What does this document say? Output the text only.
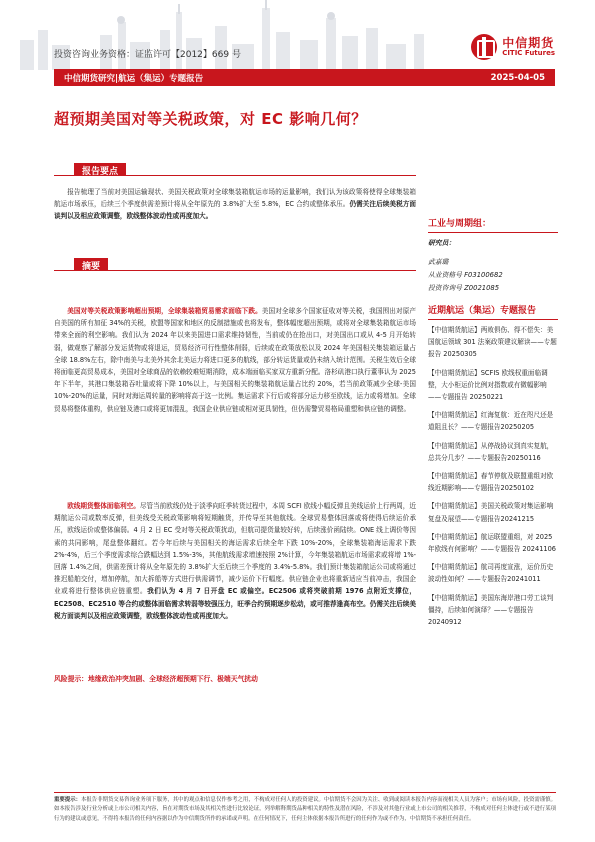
投资咨询业务资格：证监许可【2012】669 号
中信期货
CITIC Futures
中信期货研究|航运（集运）专题报告	2025-04-05
超预期美国对等关税政策，对 EC 影响几何？
报告要点

报告梳理了当前对美国运输现状、美国关税政策对全球集装箱航运市场的运量影响，我们认为该政策将使得全球集装箱航运市场承压，后续三个季度供需差预计将从全年原先的 3.8%扩大至 5.8%，EC 合约或整体承压。仍需关注后续美税方面谈判以及相应政策调整，欧线整体波动性或再度加大。

摘要

美国对等关税政策影响超出预期，全球集装箱贸易需求面临下跌。美国对全球多个国家征收对等关税，我国围出对原产自美国的所有加征 34%的关税，欧盟等国家和地区的反制措施或也将发布，整体幅度超出预期，或将对全球集装箱航运市场带来全面的利空影响。我们认为 2024 年以来美国进口需求维持韧性，当前或仍在抢出口，对美国出口或从 4-5 月开始转弱，做观察了解部分发运货物或将退运，贸易经济可行性整体削弱，后续或在政策放松以及 2024 年美国相关集装箱运量占全球 18.8%左右，除中南美与北美外其余北美运力将进口更多的航线，部分转运货量或仍未纳入统计范围。关税生效后全球将面临更高贸易成本，美国对全球商品的依赖较难短期消除，成本端面临买家双方重新分配。洛杉矶港口执行董事认为 2025 年下半年，其港口集装箱吞吐量或将下降 10%以上，与美国相关的集装箱航运量占比约 20%，若当前政策减少全球-美国 10%-20%的运量，同时对海运周转量的影响将高于这一比例。集运需求下行后或将部分运力移至欧线，运力或将增加。全球贸易将整体重构，供应链及港口或将更加混乱，我国企业供应链或相对更具韧性，但仍需警贸易格局重塑和供应链的调整。

欧线期货整体面临利空。尽管当前欧线仍处于淡季向旺季转货过程中，本周 SCFI 欧线小幅反弹且美线运价上行两周，近期航运公司或数率反弹，但美线受关税政策影响将短期触货，并传导至其他航线。全球贸易整体回落或将使得后续运价承压，欧线运价或整体偏弱。4 月 2 日 EC 受对等关税政策扰动，但航司提货量较好转，后续涨价函陆续。ONE 线上调价等因素的共同影响，尾盘整体翻红。若今年后续与美国相关的海运需求后续全年下跌 10%-20%，全球集装箱海运需求下跌 2%-4%，后三个季度需求综合跌幅达到 1.5%-3%，其他航线需求增速按照 2%计算，今年集装箱航运市场需求或将增 1%-回落 1.4%之间，供需差预计将从全年原先的 3.8%扩大至后续三个季度的 3.4%-5.8%。我们预计集装箱航运公司或将通过推迟船舶交付，增加停航，加大拆船等方式进行供需调节，减少运价下行幅度。供应链企业也将重新适应当前冲击，我国企业或将进行整体供应链重塑。我们认为 4 月 7 日开盘 EC 或偏空。EC2506 或将突破前期 1976 点附近支撑位，EC2508、EC2510 等合约或整体面临需求转弱等较强压力，旺季合约预期逐步松动，或可推荐逢高布空。仍需关注后续美税方面谈判以及相应政策调整，欧线整体波动性或再度加大。

风险提示：地缘政治冲突加剧、全球经济超预期下行、极端天气扰动
工业与周期组：
研究员：
武嘉璐
从业资格号 F03100682
投资咨询号 Z0021085
近期航运（集运）专题报告
【中信期货航运】两败俱伤、得不偿失：美国航运领域 301 法案政策建议解读——专题报告 20250305
【中信期货航运】SCFIS 欧线权重面临调整，大小柜运价比例对指数或有微幅影响——专题报告 20250221
【中信期货航运】红海复航：近在咫尺还是道阻且长？——专题报告20250205
【中信期货航运】从停战协议到真实复航，总共分几步？——专题报告20250116
【中信期货航运】春节停航及联盟重组对欧线近期影响——专题报告20250102
【中信期货航运】美国关税政策对集运影响复盘及展望——专题报告20241215
【中信期货航运】航运联盟重组，对 2025 年欧线有何影响？——专题报告 20241106
【中信期货航运】航司再度宣涨，运价历史波动性如何？——专题报告20241011
【中信期货航运】美国东海岸港口劳工谈判僵持，后续如何演绎？——专题报告 20240912
重要提示：本报告非期货交易咨询业务项下服务，其中的观点和信息仅作参考之用，不构成对任何人的投资建议。中信期货不会因为关注、收到或阅读本报告内容而视相关人员为客户；市场有风险，投资需谨慎。如本报告涉及行业分析或上市公司相关内容，旨在对期货市场及其相关性进行比较论证，列举解释期货品种相关的特性及潜在风险，不涉及对其他行业或上市公司的相关推荐，不构成对任何主体进行或不进行某项行为的建议或意见，不得将本报告的任何内容据以作为中信期货所作的承诺或声明。在任何情况下，任何主体依据本报告所进行的任何作为或不作为，中信期货不承担任何责任。
